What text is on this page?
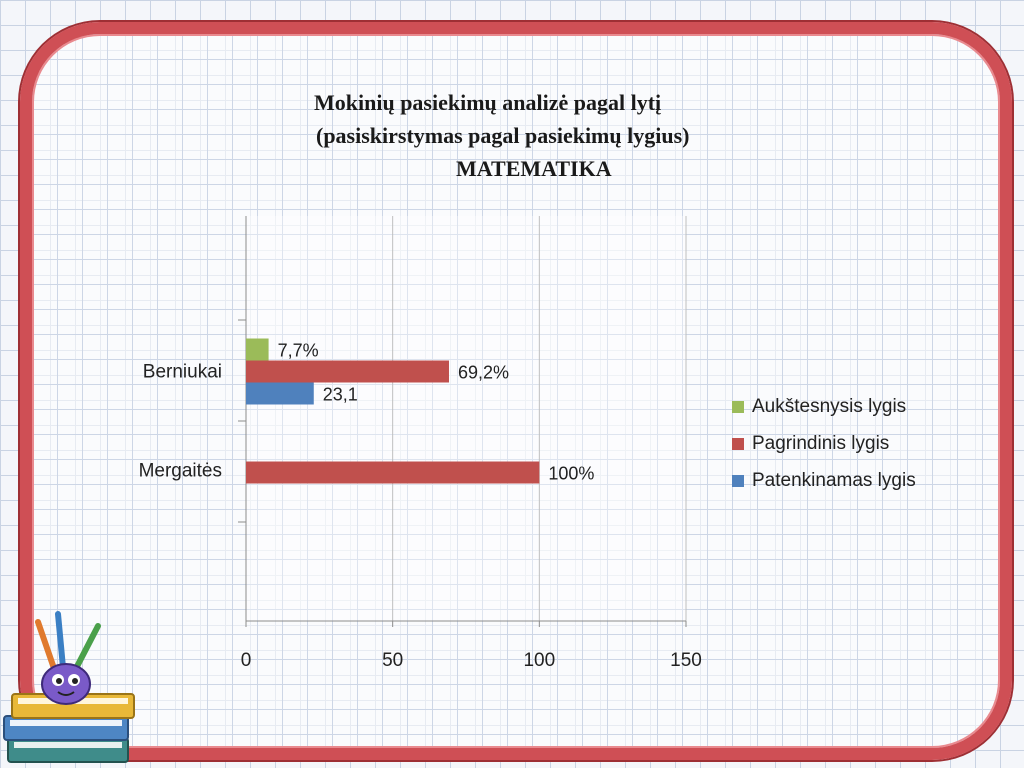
Mokinių pasiekimų analizė pagal lytį
(pasiskirstymas pagal pasiekimų lygius)
MATEMATIKA
0	50	100	150
Berniukai
7,7%
69,2%
23,1
Mergaitės	100%
Aukštesnysis lygis
Pagrindinis lygis
Patenkinamas lygis
